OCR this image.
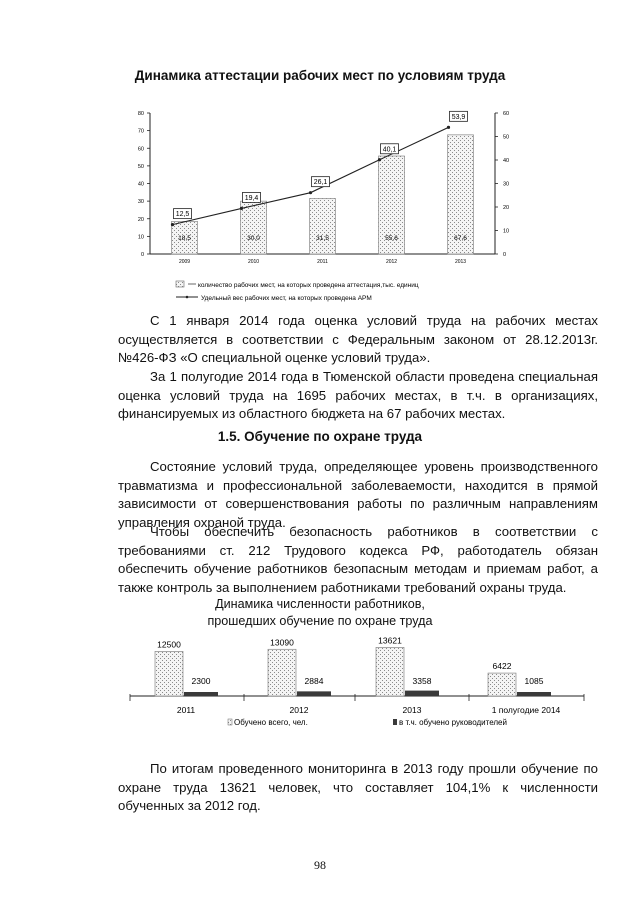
Динамика аттестации рабочих мест по условиям труда
0
10
20
30
40
50
60
70
80
0
10
20
30
40
50
60
2009	2010	2011	2012	2013
18,5	30,0	31,5	55,6	67,6
12,5
19,4
26,1
40,1
53,9
количество рабочих мест, на которых проведена аттестация,тыс. единиц
Удельный вес рабочих мест, на которых проведена АРМ
С 1 января 2014 года оценка условий труда на рабочих местах осуществляется в соответствии с Федеральным законом от 28.12.2013г. №426-ФЗ «О специальной оценке условий труда».
За 1 полугодие 2014 года в Тюменской области проведена специальная оценка условий труда на 1695 рабочих местах, в т.ч. в организациях, финансируемых из областного бюджета на 67 рабочих местах.
1.5. Обучение по охране труда
Состояние условий труда, определяющее уровень производственного травматизма и профессиональной заболеваемости, находится в прямой зависимости от совершенствования работы по различным направлениям управления охраной труда.
Чтобы обеспечить безопасность работников в соответствии с требованиями ст. 212 Трудового кодекса РФ, работодатель обязан обеспечить обучение работников безопасным методам и приемам работ, а также контроль за выполнением работниками требований охраны труда.
Динамика численности работников,
прошедших обучение по охране труда
2011	2012	2013	1 полугодие 2014
12500
2300
13090
2884
13621
3358
6422
1085
Обучено всего, чел.	в т.ч. обучено руководителей
По итогам проведенного мониторинга в 2013 году прошли обучение по охране труда 13621 человек, что составляет 104,1% к численности обученных за 2012 год.
98
